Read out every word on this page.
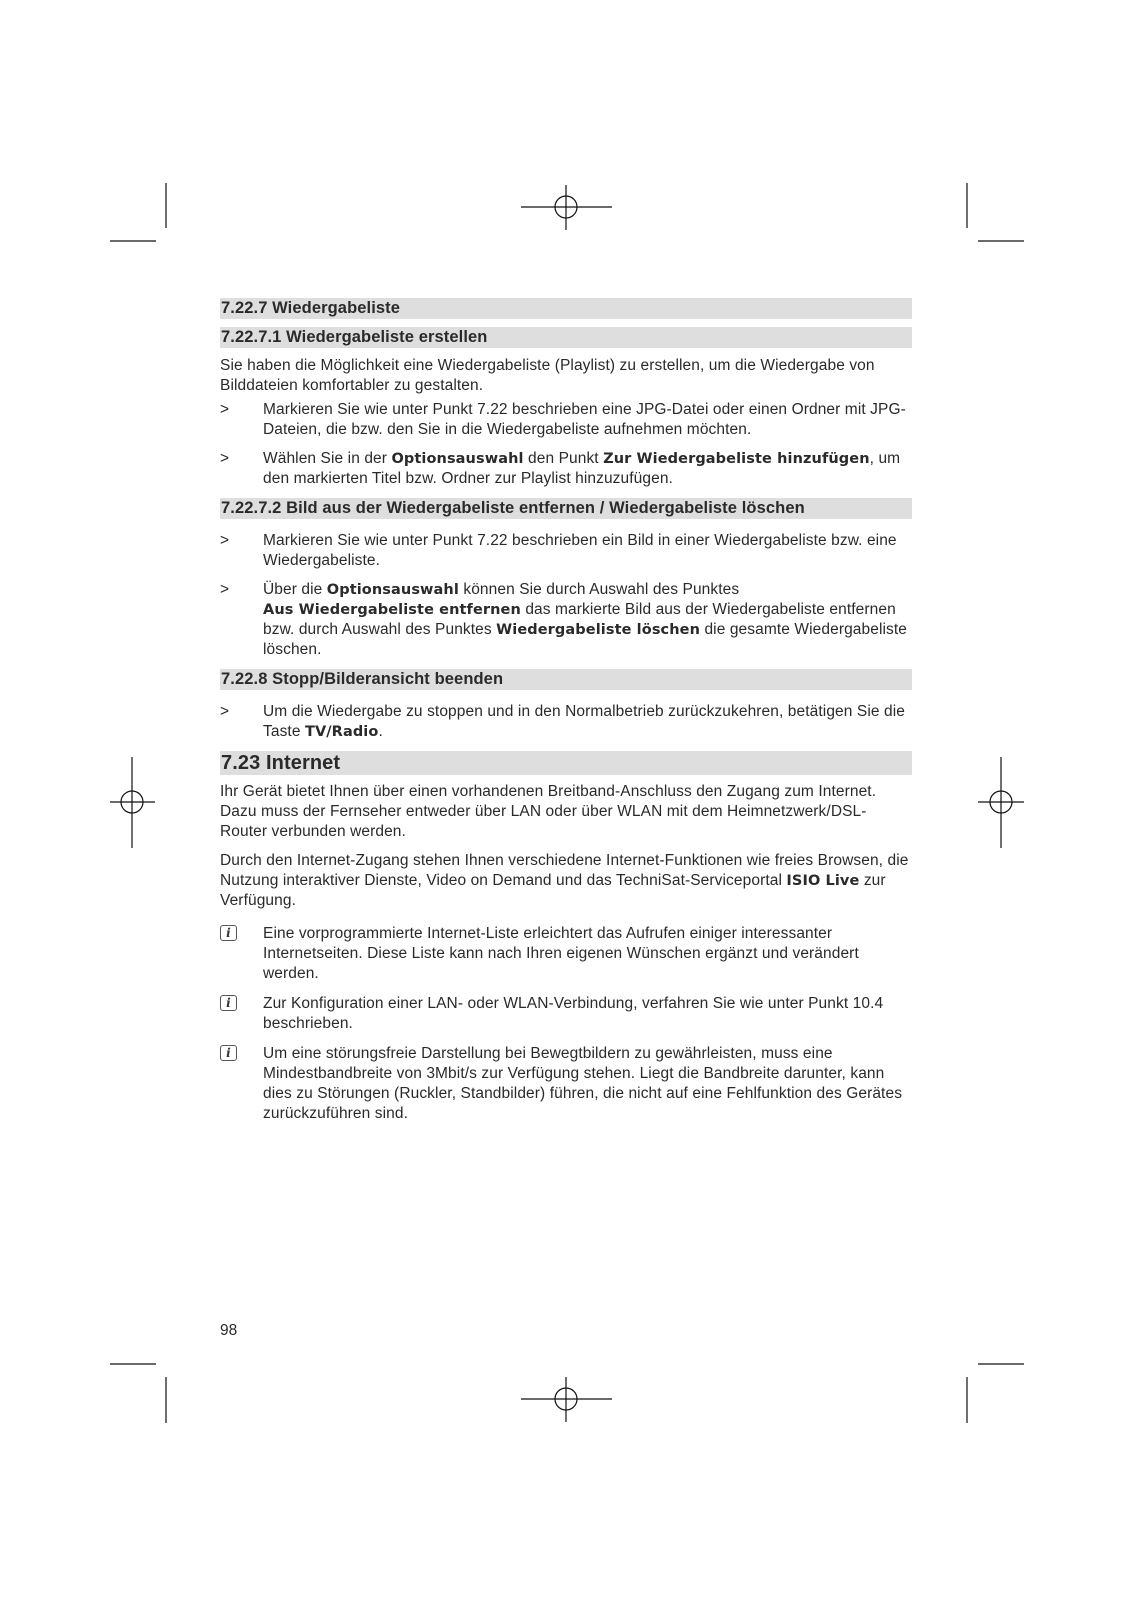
7.22.7 Wiedergabeliste
7.22.7.1 Wiedergabeliste erstellen

Sie haben die Möglichkeit eine Wiedergabeliste (Playlist) zu erstellen, um die Wiedergabe von Bilddateien komfortabler zu gestalten.

>	Markieren Sie wie unter Punkt 7.22 beschrieben eine JPG-Datei oder einen Ordner mit JPG-Dateien, die bzw. den Sie in die Wiedergabeliste aufnehmen möchten.
>	Wählen Sie in der Optionsauswahl den Punkt Zur Wiedergabeliste hinzufügen, um den markierten Titel bzw. Ordner zur Playlist hinzuzufügen.
7.22.7.2 Bild aus der Wiedergabeliste entfernen / Wiedergabeliste löschen
>	Markieren Sie wie unter Punkt 7.22 beschrieben ein Bild in einer Wiedergabeliste bzw. eine Wiedergabeliste.
>	Über die Optionsauswahl können Sie durch Auswahl des Punktes
Aus Wiedergabeliste entfernen das markierte Bild aus der Wiedergabeliste entfernen bzw. durch Auswahl des Punktes Wiedergabeliste löschen die gesamte Wiedergabeliste löschen.
7.22.8 Stopp/Bilderansicht beenden
>	Um die Wiedergabe zu stoppen und in den Normalbetrieb zurückzukehren, betätigen Sie die Taste TV/Radio.
7.23 Internet

Ihr Gerät bietet Ihnen über einen vorhandenen Breitband-Anschluss den Zugang zum Internet. Dazu muss der Fernseher entweder über LAN oder über WLAN mit dem Heimnetzwerk/DSL-Router verbunden werden.

Durch den Internet-Zugang stehen Ihnen verschiedene Internet-Funktionen wie freies Browsen, die Nutzung interaktiver Dienste, Video on Demand und das TechniSat-Serviceportal ISIO Live zur Verfügung.

i	Eine vorprogrammierte Internet-Liste erleichtert das Aufrufen einiger interessanter Internetseiten. Diese Liste kann nach Ihren eigenen Wünschen ergänzt und verändert werden.
i	Zur Konfiguration einer LAN- oder WLAN-Verbindung, verfahren Sie wie unter Punkt 10.4 beschrieben.
i	Um eine störungsfreie Darstellung bei Bewegtbildern zu gewährleisten, muss eine Mindestbandbreite von 3Mbit/s zur Verfügung stehen. Liegt die Bandbreite darunter, kann dies zu Störungen (Ruckler, Standbilder) führen, die nicht auf eine Fehlfunktion des Gerätes zurückzuführen sind.
98
